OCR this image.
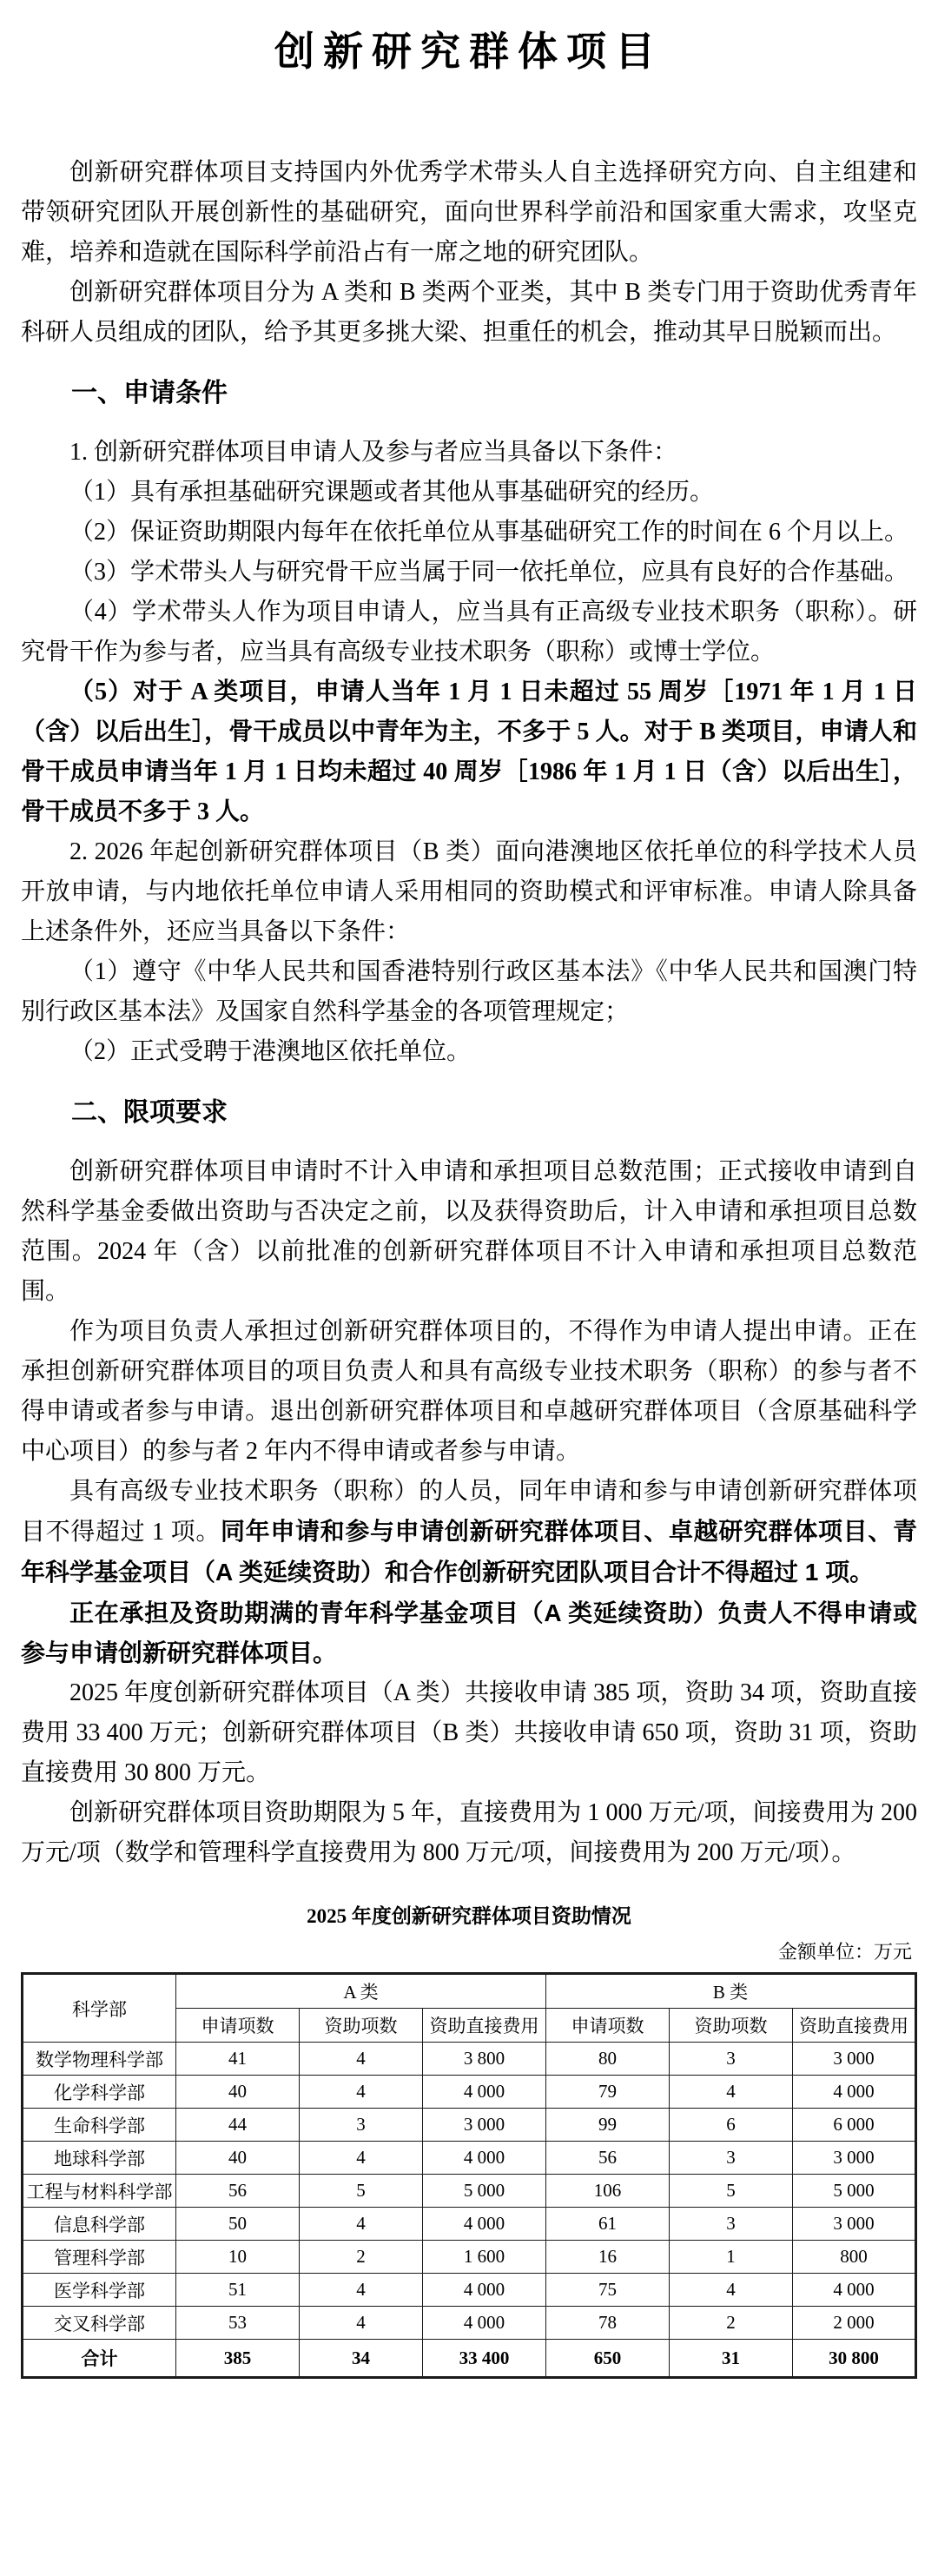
创新研究群体项目

创新研究群体项目支持国内外优秀学术带头人自主选择研究方向、自主组建和带领研究团队开展创新性的基础研究，面向世界科学前沿和国家重大需求，攻坚克难，培养和造就在国际科学前沿占有一席之地的研究团队。

创新研究群体项目分为 A 类和 B 类两个亚类，其中 B 类专门用于资助优秀青年科研人员组成的团队，给予其更多挑大梁、担重任的机会，推动其早日脱颖而出。

一、申请条件

1. 创新研究群体项目申请人及参与者应当具备以下条件：

（1）具有承担基础研究课题或者其他从事基础研究的经历。

（2）保证资助期限内每年在依托单位从事基础研究工作的时间在 6 个月以上。

（3）学术带头人与研究骨干应当属于同一依托单位，应具有良好的合作基础。

（4）学术带头人作为项目申请人，应当具有正高级专业技术职务（职称）。研究骨干作为参与者，应当具有高级专业技术职务（职称）或博士学位。

（5）对于 A 类项目，申请人当年 1 月 1 日未超过 55 周岁［1971 年 1 月 1 日（含）以后出生］，骨干成员以中青年为主，不多于 5 人。对于 B 类项目，申请人和骨干成员申请当年 1 月 1 日均未超过 40 周岁［1986 年 1 月 1 日（含）以后出生］，骨干成员不多于 3 人。

2. 2026 年起创新研究群体项目（B 类）面向港澳地区依托单位的科学技术人员开放申请，与内地依托单位申请人采用相同的资助模式和评审标准。申请人除具备上述条件外，还应当具备以下条件：

（1）遵守《中华人民共和国香港特别行政区基本法》《中华人民共和国澳门特别行政区基本法》及国家自然科学基金的各项管理规定；

（2）正式受聘于港澳地区依托单位。

二、限项要求

创新研究群体项目申请时不计入申请和承担项目总数范围；正式接收申请到自然科学基金委做出资助与否决定之前，以及获得资助后，计入申请和承担项目总数范围。2024 年（含）以前批准的创新研究群体项目不计入申请和承担项目总数范围。

作为项目负责人承担过创新研究群体项目的，不得作为申请人提出申请。正在承担创新研究群体项目的项目负责人和具有高级专业技术职务（职称）的参与者不得申请或者参与申请。退出创新研究群体项目和卓越研究群体项目（含原基础科学中心项目）的参与者 2 年内不得申请或者参与申请。

具有高级专业技术职务（职称）的人员，同年申请和参与申请创新研究群体项目不得超过 1 项。同年申请和参与申请创新研究群体项目、卓越研究群体项目、青年科学基金项目（A 类延续资助）和合作创新研究团队项目合计不得超过 1 项。

正在承担及资助期满的青年科学基金项目（A 类延续资助）负责人不得申请或参与申请创新研究群体项目。

2025 年度创新研究群体项目（A 类）共接收申请 385 项，资助 34 项，资助直接费用 33 400 万元；创新研究群体项目（B 类）共接收申请 650 项，资助 31 项，资助直接费用 30 800 万元。

创新研究群体项目资助期限为 5 年，直接费用为 1 000 万元/项，间接费用为 200 万元/项（数学和管理科学直接费用为 800 万元/项，间接费用为 200 万元/项）。

2025 年度创新研究群体项目资助情况
金额单位：万元
科学部	A 类			B 类		
	申请项数	资助项数	资助直接费用	申请项数	资助项数	资助直接费用
数学物理科学部	41	4	3 800	80	3	3 000
化学科学部	40	4	4 000	79	4	4 000
生命科学部	44	3	3 000	99	6	6 000
地球科学部	40	4	4 000	56	3	3 000
工程与材料科学部	56	5	5 000	106	5	5 000
信息科学部	50	4	4 000	61	3	3 000
管理科学部	10	2	1 600	16	1	800
医学科学部	51	4	4 000	75	4	4 000
交叉科学部	53	4	4 000	78	2	2 000
合计	385	34	33 400	650	31	30 800
